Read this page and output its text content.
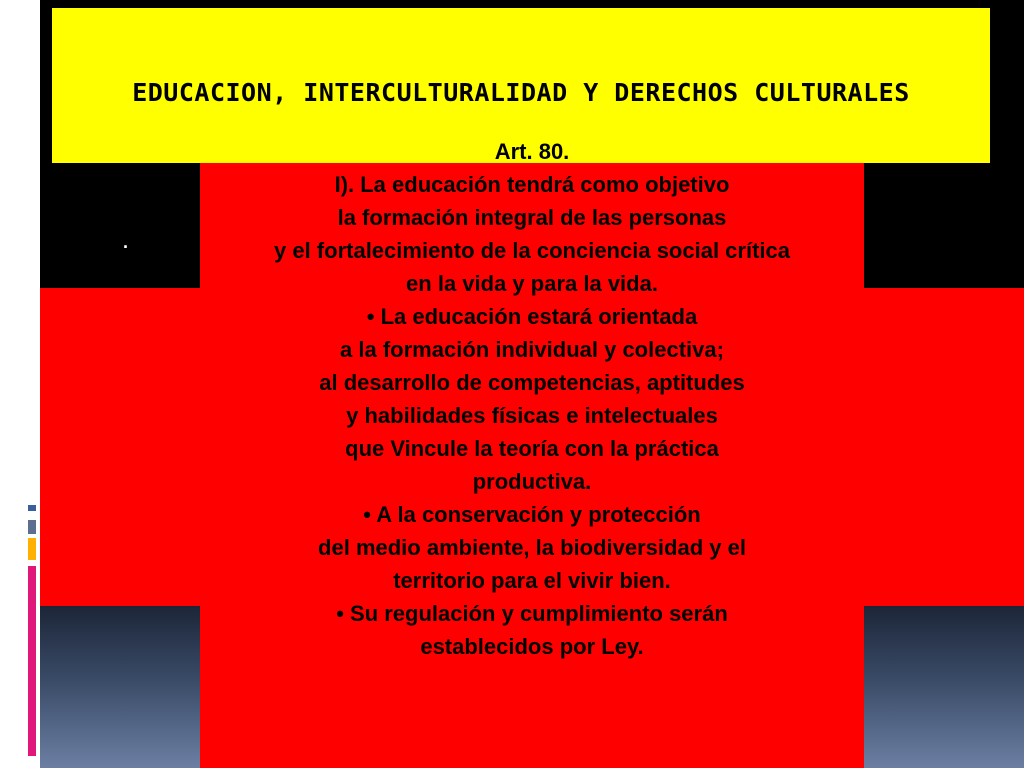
EDUCACION, INTERCULTURALIDAD Y DERECHOS CULTURALES
.
Art. 80.
I). La educación tendrá como objetivo
la formación integral de las personas
y el fortalecimiento de la conciencia social crítica
en la vida y para la vida.
• La educación estará orientada
a la formación individual y colectiva;
al desarrollo de competencias, aptitudes
y habilidades físicas e intelectuales
que Vincule la teoría con la práctica
productiva.
• A la conservación y protección
del medio ambiente, la biodiversidad y el
territorio para el vivir bien.
• Su regulación y cumplimiento serán
establecidos por Ley.
